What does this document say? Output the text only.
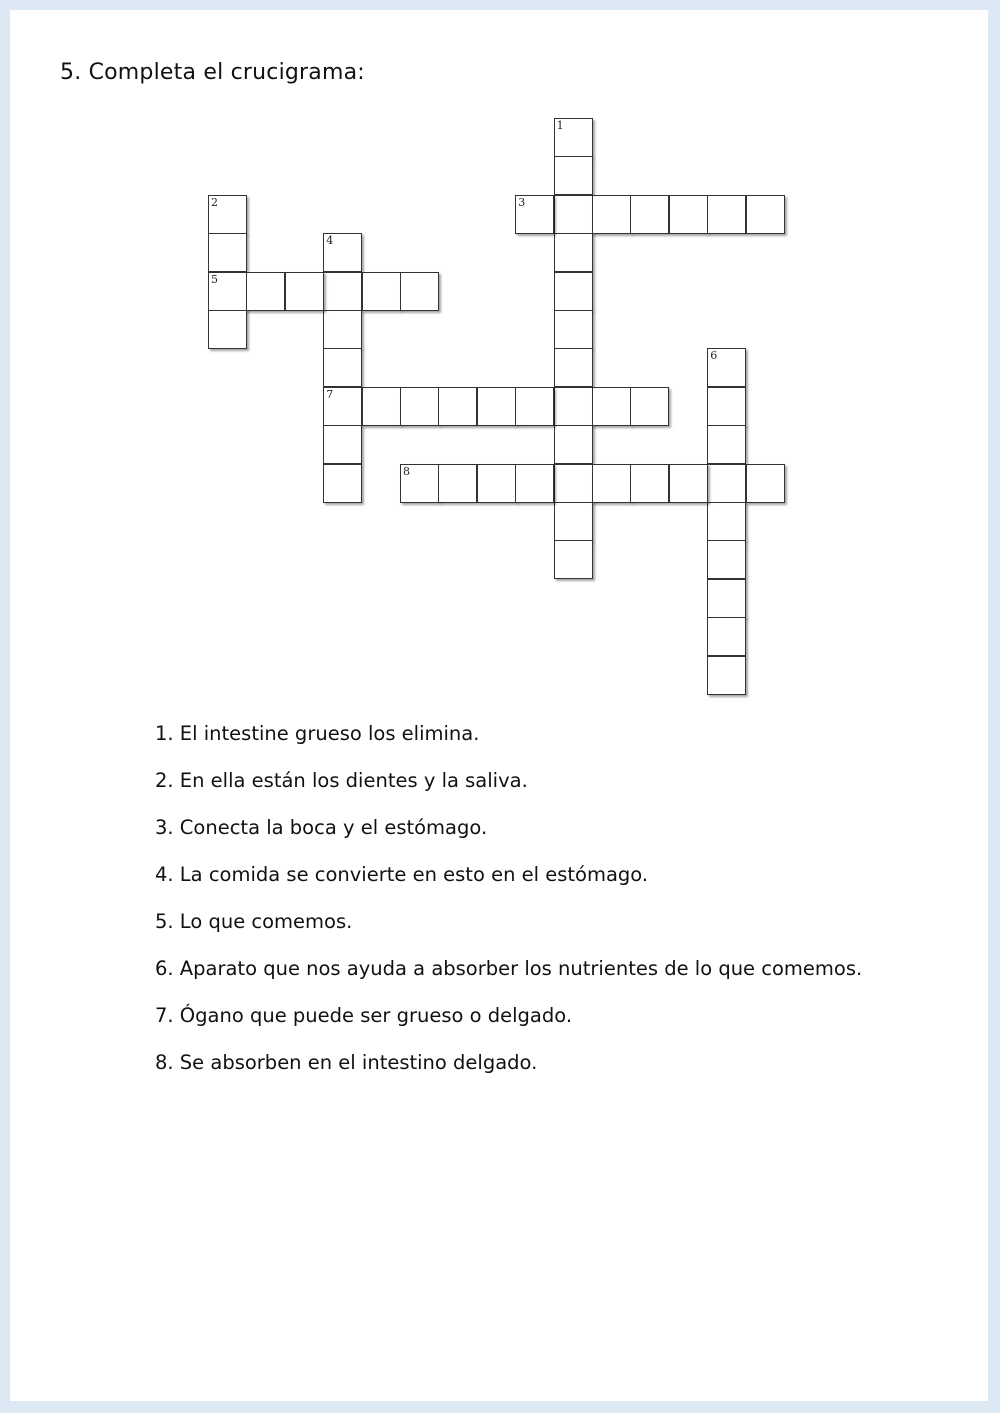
5. Completa el crucigrama:
1
2
5
3
4
7
6
8
1. El intestine grueso los elimina.
2. En ella están los dientes y la saliva.
3. Conecta la boca y el estómago.
4. La comida se convierte en esto en el estómago.
5. Lo que comemos.
6. Aparato que nos ayuda a absorber los nutrientes de lo que comemos.
7. Ógano que puede ser grueso o delgado.
8. Se absorben en el intestino delgado.
